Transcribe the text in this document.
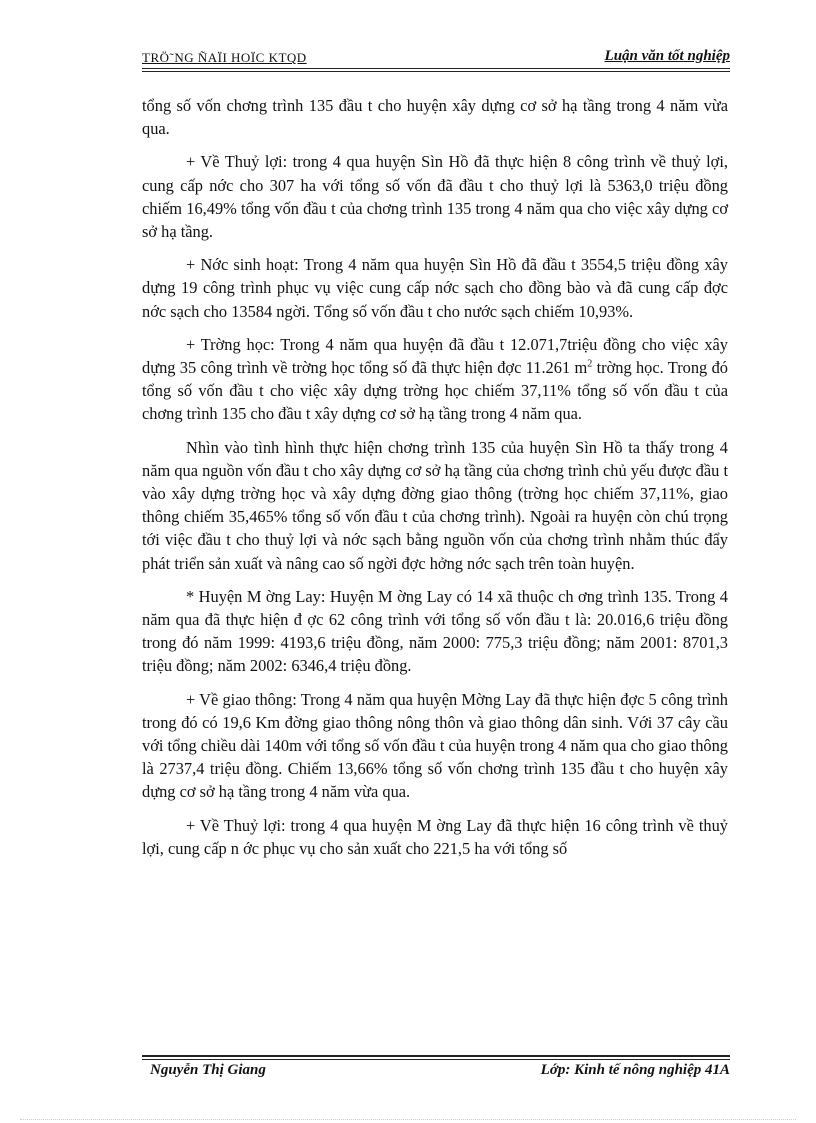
TRÖ˜NG ÑAÏI HOÏC KTQD	Luận văn tốt nghiệp

tổng số vốn chơng trình 135 đầu t cho huyện xây dựng cơ sở hạ tầng trong 4 năm vừa qua.

+ Về Thuỷ lợi: trong 4 qua huyện Sìn Hồ đã thực hiện 8 công trình về thuỷ lợi, cung cấp nớc cho 307 ha với tổng số vốn đã đầu t cho thuỷ lợi là 5363,0 triệu đồng chiếm 16,49% tổng vốn đầu t của chơng trình 135 trong 4 năm qua cho việc xây dựng cơ sở hạ tầng.

+ Nớc sinh hoạt: Trong 4 năm qua huyện Sìn Hồ đã đầu t 3554,5 triệu đồng xây dựng 19 công trình phục vụ việc cung cấp nớc sạch cho đồng bào và đã cung cấp đợc nớc sạch cho 13584 ngời. Tổng số vốn đầu t cho nước sạch chiếm 10,93%.

+ Trờng học: Trong 4 năm qua huyện đã đầu t 12.071,7triệu đồng cho việc xây dựng 35 công trình về trờng học tổng số đã thực hiện đợc 11.261 $m^2$ trờng học. Trong đó tổng số vốn đầu t cho việc xây dựng trờng học chiếm 37,11% tổng số vốn đầu t của chơng trình 135 cho đầu t xây dựng cơ sở hạ tầng trong 4 năm qua.

Nhìn vào tình hình thực hiện chơng trình 135 của huyện Sìn Hồ ta thấy trong 4 năm qua nguồn vốn đầu t cho xây dựng cơ sở hạ tầng của chơng trình chủ yếu được đầu t vào xây dựng trờng học và xây dựng đờng giao thông (trờng học chiếm 37,11%, giao thông chiếm 35,465% tổng số vốn đầu t của chơng trình). Ngoài ra huyện còn chú trọng tới việc đầu t cho thuỷ lợi và nớc sạch bằng nguồn vốn của chơng trình nhằm thúc đẩy phát triển sản xuất và nâng cao số ngời đợc hởng nớc sạch trên toàn huyện.

* Huyện M ờng Lay: Huyện M ờng Lay có 14 xã thuộc ch ơng trình 135. Trong 4 năm qua đã thực hiện đ ợc 62 công trình với tổng số vốn đầu t là: 20.016,6 triệu đồng trong đó năm 1999: 4193,6 triệu đồng, năm 2000: 775,3 triệu đồng; năm 2001: 8701,3 triệu đồng; năm 2002: 6346,4 triệu đồng.

+ Về giao thông: Trong 4 năm qua huyện Mờng Lay đã thực hiện đợc 5 công trình trong đó có 19,6 Km đờng giao thông nông thôn và giao thông dân sinh. Với 37 cây cầu với tổng chiều dài 140m với tổng số vốn đầu t của huyện trong 4 năm qua cho giao thông là 2737,4 triệu đồng. Chiếm 13,66% tổng số vốn chơng trình 135 đầu t cho huyện xây dựng cơ sở hạ tầng trong 4 năm vừa qua.

+ Về Thuỷ lợi: trong 4 qua huyện M ờng Lay đã thực hiện 16 công trình về thuỷ lợi, cung cấp n ớc phục vụ cho sản xuất cho 221,5 ha với tổng số

Nguyễn Thị Giang	Lớp: Kinh tế nông nghiệp 41A
